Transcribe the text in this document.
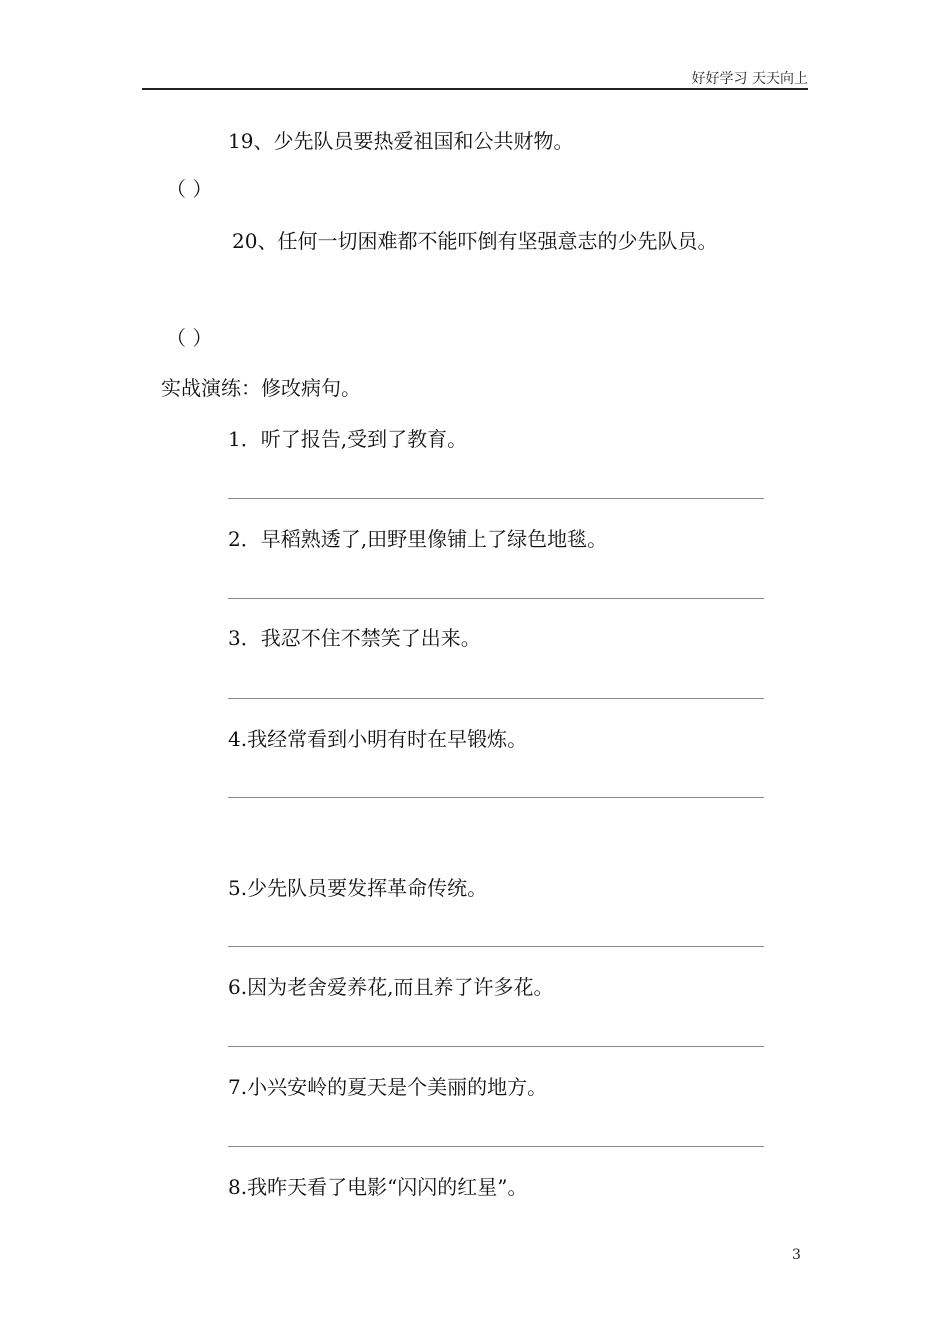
好好学习 天天向上
19、少先队员要热爱祖国和公共财物。
（ ）
20、任何一切困难都不能吓倒有坚强意志的少先队员。
（ ）
实战演练：修改病句。
1．听了报告,受到了教育。
2．早稻熟透了,田野里像铺上了绿色地毯。
3．我忍不住不禁笑了出来。
4.我经常看到小明有时在早锻炼。
5.少先队员要发挥革命传统。
6.因为老舍爱养花,而且养了许多花。
7.小兴安岭的夏天是个美丽的地方。
8.我昨天看了电影“闪闪的红星”。
3
